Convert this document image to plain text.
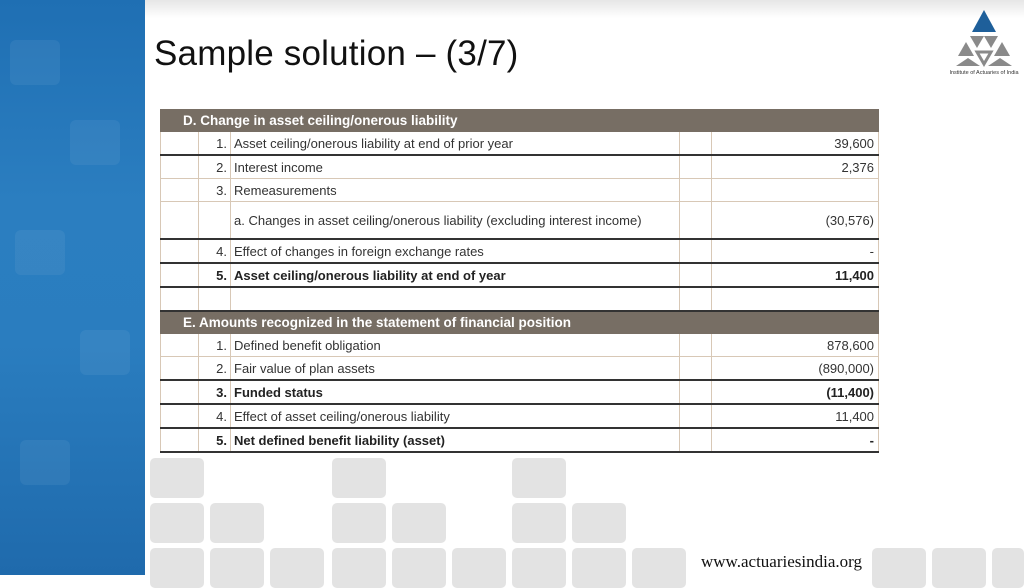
Sample solution – (3/7)	Institute of Actuaries of India
D. Change in asset ceiling/onerous liability				
	1.	Asset ceiling/onerous liability at end of prior year		39,600
	2.	Interest income		2,376
	3.	Remeasurements		
		a. Changes in asset ceiling/onerous liability (excluding interest income)		(30,576)
	4.	Effect of changes in foreign exchange rates		-
	5.	Asset ceiling/onerous liability at end of year		11,400

E. Amounts recognized in the statement of financial position				
	1.	Defined benefit obligation		878,600
	2.	Fair value of plan assets		(890,000)
	3.	Funded status		(11,400)
	4.	Effect of asset ceiling/onerous liability		11,400
	5.	Net defined benefit liability (asset)		-
www.actuariesindia.org
